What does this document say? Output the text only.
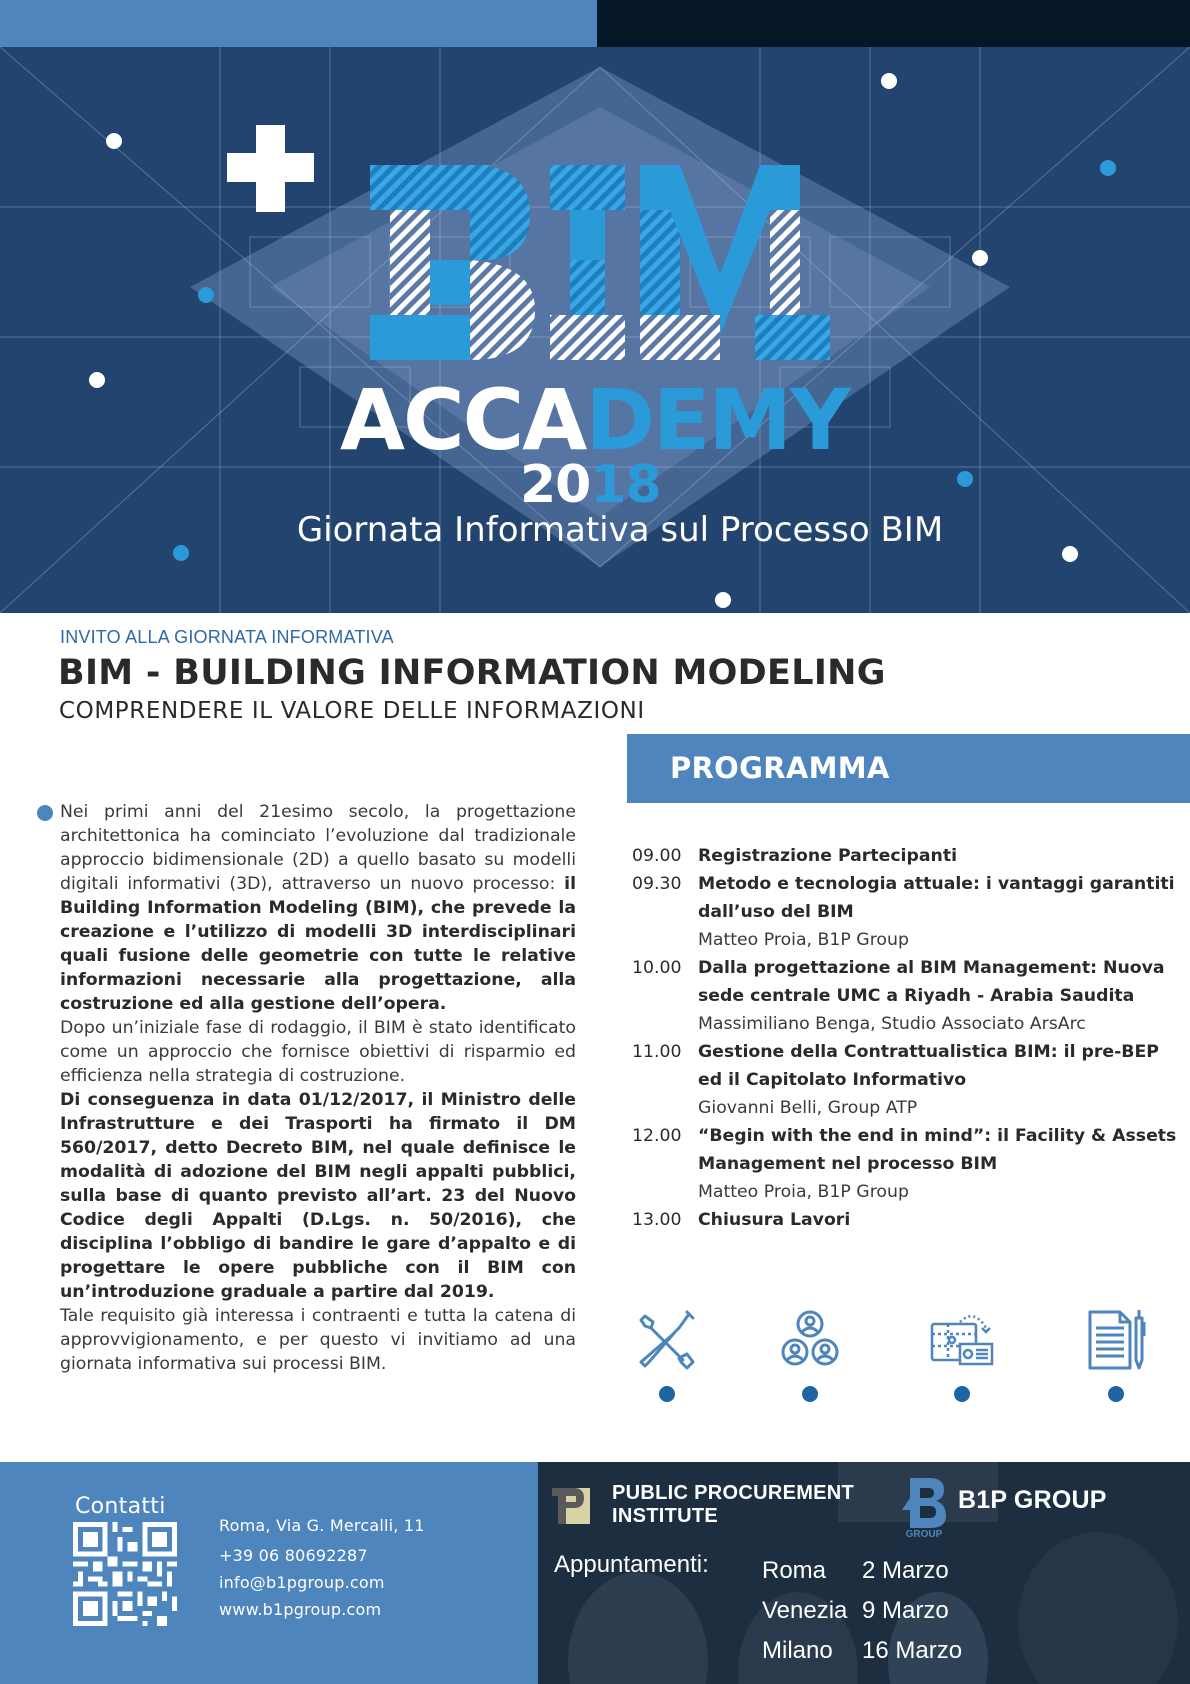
ACCADEMY
2018
Giornata Informativa sul Processo BIM
INVITO ALLA GIORNATA INFORMATIVA
BIM - BUILDING INFORMATION MODELING
COMPRENDERE IL VALORE DELLE INFORMAZIONI

Nei primi anni del 21esimo secolo, la progettazione architettonica ha cominciato l’evoluzione dal tradizionale approccio bidimensionale (2D) a quello basato su modelli digitali informativi (3D), attraverso un nuovo processo: il Building Information Modeling (BIM), che prevede la creazione e l’utilizzo di modelli 3D interdisciplinari quali fusione delle geometrie con tutte le relative informazioni necessarie alla progettazione, alla costruzione ed alla gestione dell’opera.

Dopo un’iniziale fase di rodaggio, il BIM è stato identificato come un approccio che fornisce obiettivi di risparmio ed efficienza nella strategia di costruzione.

Di conseguenza in data 01/12/2017, il Ministro delle Infrastrutture e dei Trasporti ha firmato il DM 560/2017, detto Decreto BIM, nel quale definisce le modalità di adozione del BIM negli appalti pubblici, sulla base di quanto previsto all’art. 23 del Nuovo Codice degli Appalti (D.Lgs. n. 50/2016), che disciplina l’obbligo di bandire le gare d’appalto e di progettare le opere pubbliche con il BIM con un’introduzione graduale a partire dal 2019.

Tale requisito già interessa i contraenti e tutta la catena di approvvigionamento, e per questo vi invitiamo ad una giornata informativa sui processi BIM.

PROGRAMMA
09.00 Registrazione Partecipanti
09.30 Metodo e tecnologia attuale: i vantaggi garantiti dall’uso del BIM
Matteo Proia, B1P Group
10.00 Dalla progettazione al BIM Management: Nuova sede centrale UMC a Riyadh - Arabia Saudita
Massimiliano Benga, Studio Associato ArsArc
11.00 Gestione della Contrattualistica BIM: il pre-BEP ed il Capitolato Informativo
Giovanni Belli, Group ATP
12.00 “Begin with the end in mind”: il Facility & Assets Management nel processo BIM
Matteo Proia, B1P Group
13.00 Chiusura Lavori
Contatti
Roma, Via G. Mercalli, 11
+39 06 80692287
info@b1pgroup.com
www.b1pgroup.com
PUBLIC PROCUREMENT
INSTITUTE
GROUP
B1P GROUP
Appuntamenti: Roma	2 Marzo
Venezia 9 Marzo
Milano	16 Marzo
